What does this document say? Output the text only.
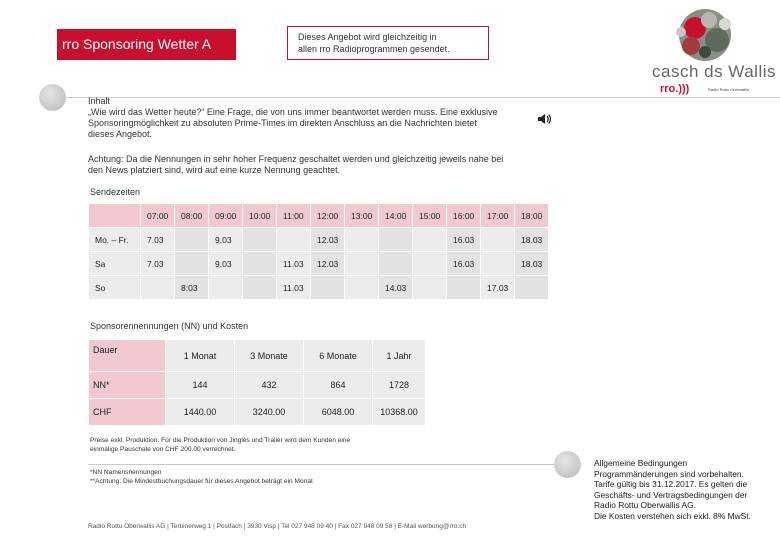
rro Sponsoring Wetter A	Dieses Angebot wird gleichzeitig in
allen rro Radioprogrammen gesendet.
casch ds Wallis
rro.)))	Radio Rottu Oberwallis
Inhalt
„Wie wird das Wetter heute?“ Eine Frage, die von uns immer beantwortet werden muss. Eine exklusive
Sponsoringmöglichkeit zu absoluten Prime-Times im direkten Anschluss an die Nachrichten bietet
dieses Angebot.
Achtung: Da die Nennungen in sehr hoher Frequenz geschaltet werden und gleichzeitig jeweils nahe bei
den News platziert sind, wird auf eine kurze Nennung geachtet.
Sendezeiten
	07:00	08:00	09:00	10:00	11:00	12:00	13:00	14:00	15:00	16:00	17:00	18:00
Mo. – Fr.	7.03		9.03			12.03				16.03		18.03
Sa	7.03		9.03		11.03	12.03				16.03		18.03
So		8:03			11.03			14.03			17.03	
Sponsorennennungen (NN) und Kosten
Dauer	1 Monat	3 Monate	6 Monate	1 Jahr
NN*	144	432	864	1728
CHF	1440.00	3240.00	6048.00	10368.00
Preise exkl. Produktion. Für die Produktion von Jingles und Trailer wird dem Kunden eine
einmalige Pauschale von CHF 200.00 verrechnet.
*NN Namensnennungen
**Achtung: Die Mindestbuchungsdauer für dieses Angebot beträgt ein Monat
Allgemeine Bedingungen
Programmänderungen sind vorbehalten.
Tarife gültig bis 31.12.2017. Es gelten die
Geschäfts- und Vertragsbedingungen der
Radio Rottu Oberwallis AG.
Die Kosten verstehen sich exkl. 8% MwSt.
Radio Rottu Oberwallis AG | Terbinerweg 1 | Postfach | 3930 Visp | Tel 027 948 09 40 | Fax 027 948 09 58 | E-Mail werbung@rro.ch
